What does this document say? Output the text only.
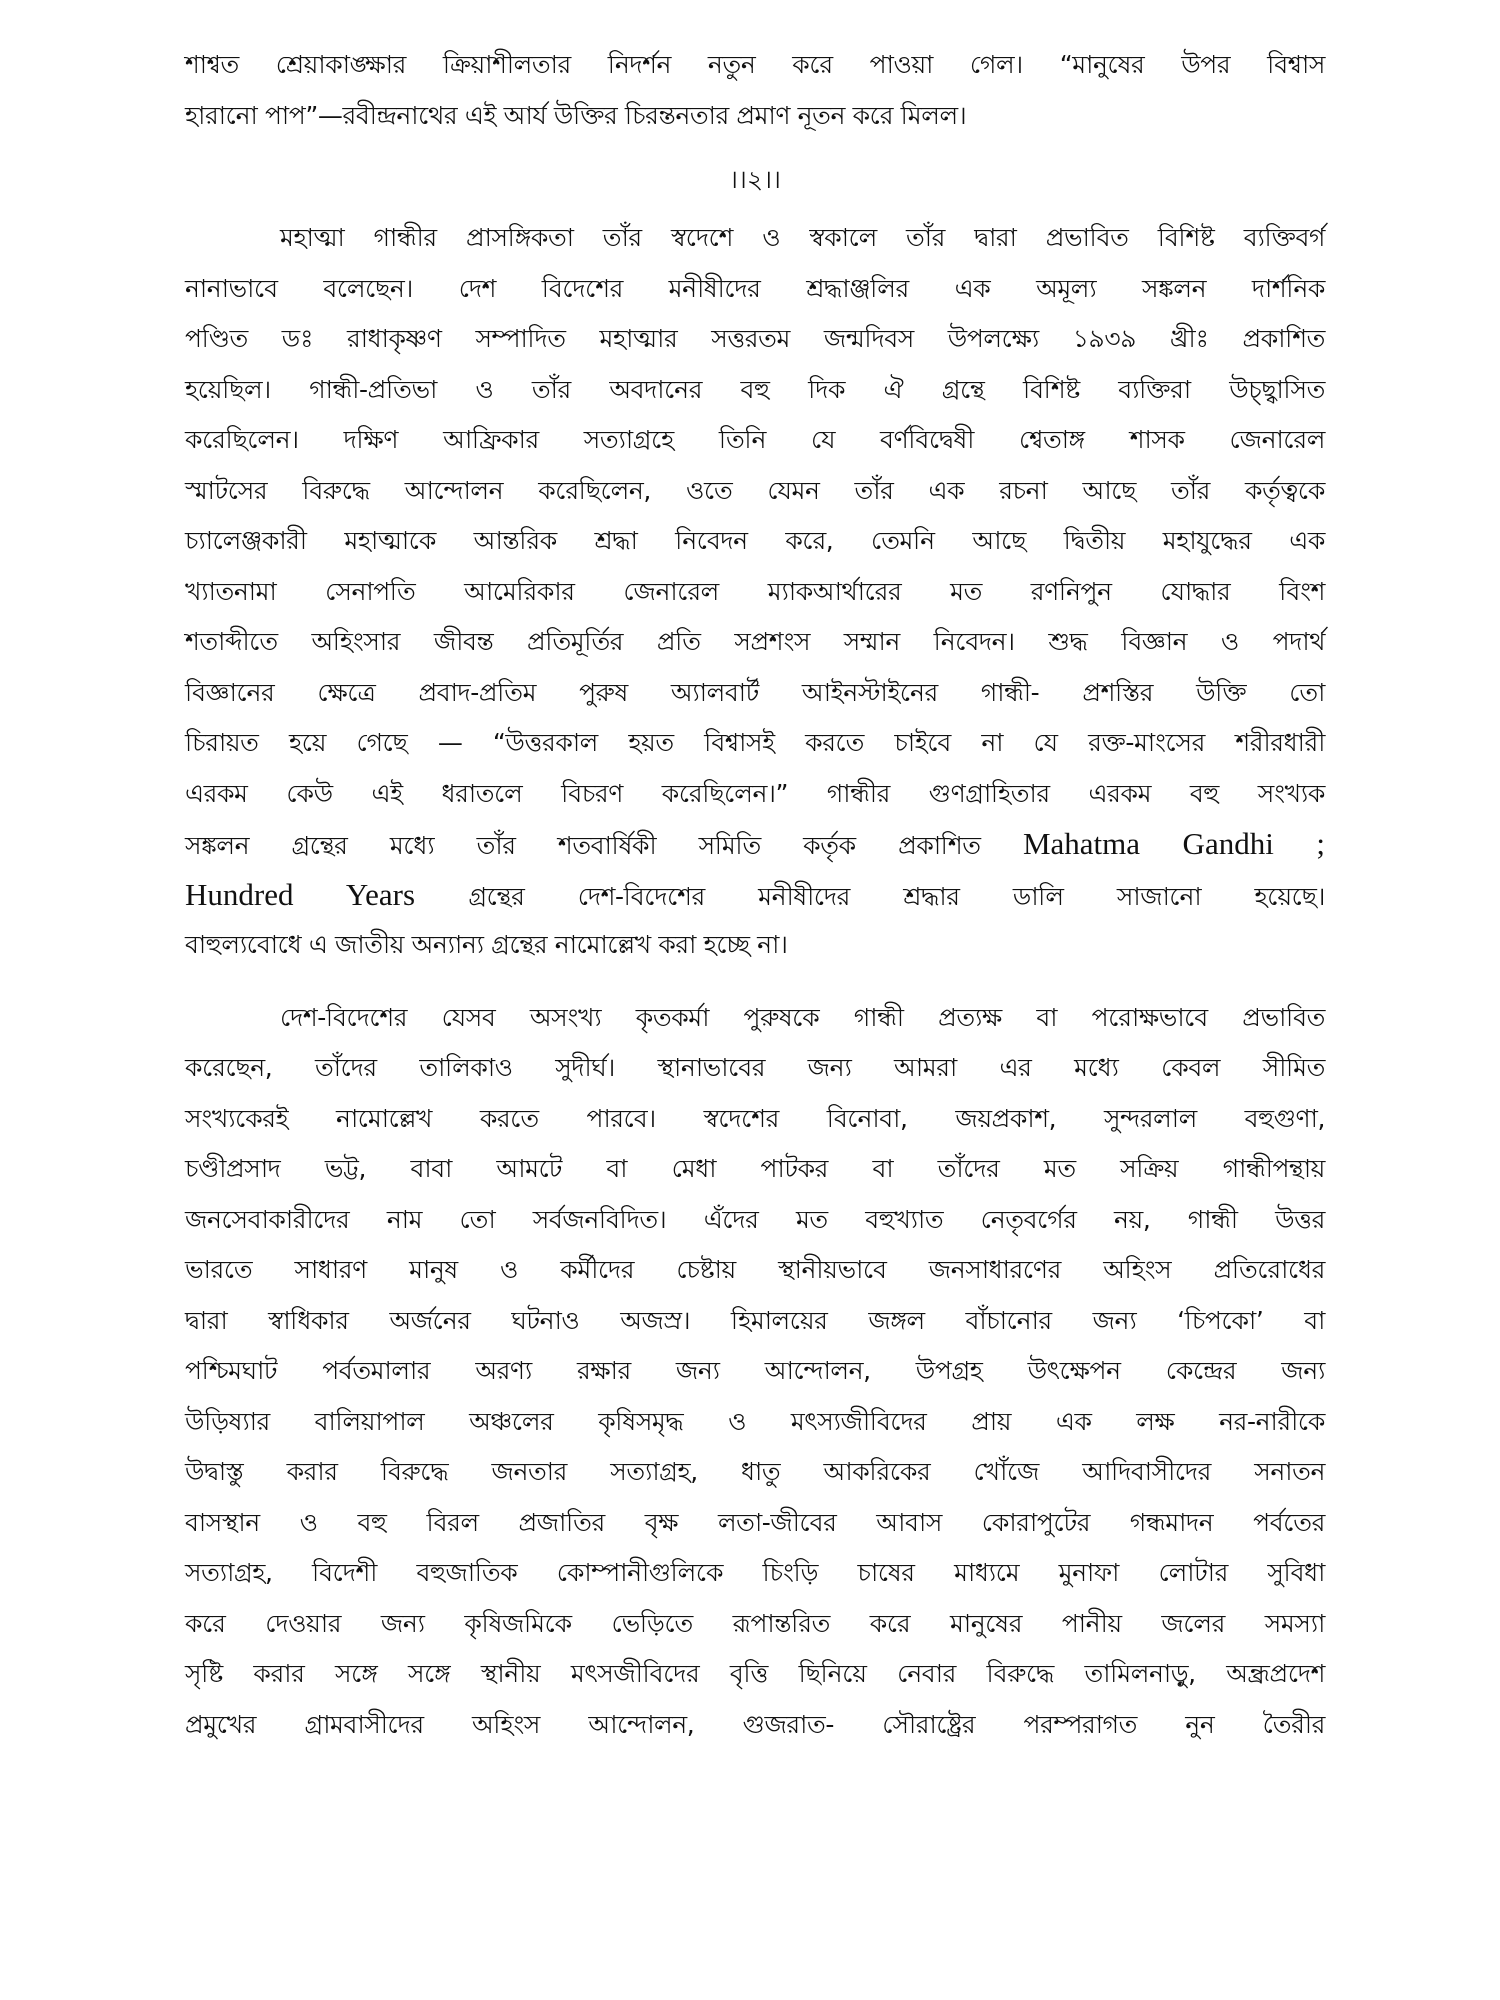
শাশ্বত শ্রেয়াকাঙ্ক্ষার ক্রিয়াশীলতার নিদর্শন নতুন করে পাওয়া গেল। “মানুষের উপর বিশ্বাস
হারানো পাপ”—রবীন্দ্রনাথের এই আর্য উক্তির চিরন্তনতার প্রমাণ নূতন করে মিলল।
।।২।।
মহাত্মা গান্ধীর প্রাসঙ্গিকতা তাঁর স্বদেশে ও স্বকালে তাঁর দ্বারা প্রভাবিত বিশিষ্ট ব্যক্তিবর্গ
নানাভাবে বলেছেন। দেশ বিদেশের মনীষীদের শ্রদ্ধাঞ্জলির এক অমূল্য সঙ্কলন দার্শনিক
পণ্ডিত ডঃ রাধাকৃষ্ণণ সম্পাদিত মহাত্মার সত্তরতম জন্মদিবস উপলক্ষ্যে ১৯৩৯ খ্রীঃ প্রকাশিত
হয়েছিল। গান্ধী-প্রতিভা ও তাঁর অবদানের বহু দিক ঐ গ্রন্থে বিশিষ্ট ব্যক্তিরা উচ্ছ্বাসিত
করেছিলেন। দক্ষিণ আফ্রিকার সত্যাগ্রহে তিনি যে বর্ণবিদ্বেষী শ্বেতাঙ্গ শাসক জেনারেল
স্মাটসের বিরুদ্ধে আন্দোলন করেছিলেন, ওতে যেমন তাঁর এক রচনা আছে তাঁর কর্তৃত্বকে
চ্যালেঞ্জকারী মহাত্মাকে আন্তরিক শ্রদ্ধা নিবেদন করে, তেমনি আছে দ্বিতীয় মহাযুদ্ধের এক
খ্যাতনামা সেনাপতি আমেরিকার জেনারেল ম্যাকআর্থারের মত রণনিপুন যোদ্ধার বিংশ
শতাব্দীতে অহিংসার জীবন্ত প্রতিমূর্তির প্রতি সপ্রশংস সম্মান নিবেদন। শুদ্ধ বিজ্ঞান ও পদার্থ
বিজ্ঞানের ক্ষেত্রে প্রবাদ-প্রতিম পুরুষ অ্যালবার্ট আইনস্টাইনের গান্ধী- প্রশস্তির উক্তি তো
চিরায়ত হয়ে গেছে — “উত্তরকাল হয়ত বিশ্বাসই করতে চাইবে না যে রক্ত-মাংসের শরীরধারী
এরকম কেউ এই ধরাতলে বিচরণ করেছিলেন।” গান্ধীর গুণগ্রাহিতার এরকম বহু সংখ্যক
সঙ্কলন গ্রন্থের মধ্যে তাঁর শতবার্ষিকী সমিতি কর্তৃক প্রকাশিত Mahatma Gandhi ;
Hundred Years গ্রন্থের দেশ-বিদেশের মনীষীদের শ্রদ্ধার ডালি সাজানো হয়েছে।
বাহুল্যবোধে এ জাতীয় অন্যান্য গ্রন্থের নামোল্লেখ করা হচ্ছে না।
দেশ-বিদেশের যেসব অসংখ্য কৃতকর্মা পুরুষকে গান্ধী প্রত্যক্ষ বা পরোক্ষভাবে প্রভাবিত
করেছেন, তাঁদের তালিকাও সুদীর্ঘ। স্থানাভাবের জন্য আমরা এর মধ্যে কেবল সীমিত
সংখ্যকেরই নামোল্লেখ করতে পারবে। স্বদেশের বিনোবা, জয়প্রকাশ, সুন্দরলাল বহুগুণা,
চণ্ডীপ্রসাদ ভট্ট, বাবা আমটে বা মেধা পাটকর বা তাঁদের মত সক্রিয় গান্ধীপন্থায়
জনসেবাকারীদের নাম তো সর্বজনবিদিত। এঁদের মত বহুখ্যাত নেতৃবর্গের নয়, গান্ধী উত্তর
ভারতে সাধারণ মানুষ ও কর্মীদের চেষ্টায় স্থানীয়ভাবে জনসাধারণের অহিংস প্রতিরোধের
দ্বারা স্বাধিকার অর্জনের ঘটনাও অজস্র। হিমালয়ের জঙ্গল বাঁচানোর জন্য ‘চিপকো’ বা
পশ্চিমঘাট পর্বতমালার অরণ্য রক্ষার জন্য আন্দোলন, উপগ্রহ উৎক্ষেপন কেন্দ্রের জন্য
উড়িষ্যার বালিয়াপাল অঞ্চলের কৃষিসমৃদ্ধ ও মৎস্যজীবিদের প্রায় এক লক্ষ নর-নারীকে
উদ্বাস্তু করার বিরুদ্ধে জনতার সত্যাগ্রহ, ধাতু আকরিকের খোঁজে আদিবাসীদের সনাতন
বাসস্থান ও বহু বিরল প্রজাতির বৃক্ষ লতা-জীবের আবাস কোরাপুটের গন্ধমাদন পর্বতের
সত্যাগ্রহ, বিদেশী বহুজাতিক কোম্পানীগুলিকে চিংড়ি চাষের মাধ্যমে মুনাফা লোটার সুবিধা
করে দেওয়ার জন্য কৃষিজমিকে ভেড়িতে রূপান্তরিত করে মানুষের পানীয় জলের সমস্যা
সৃষ্টি করার সঙ্গে সঙ্গে স্থানীয় মৎসজীবিদের বৃত্তি ছিনিয়ে নেবার বিরুদ্ধে তামিলনাড়ু, অন্ধ্রপ্রদেশ
প্রমুখের গ্রামবাসীদের অহিংস আন্দোলন, গুজরাত- সৌরাষ্ট্রের পরম্পরাগত নুন তৈরীর
